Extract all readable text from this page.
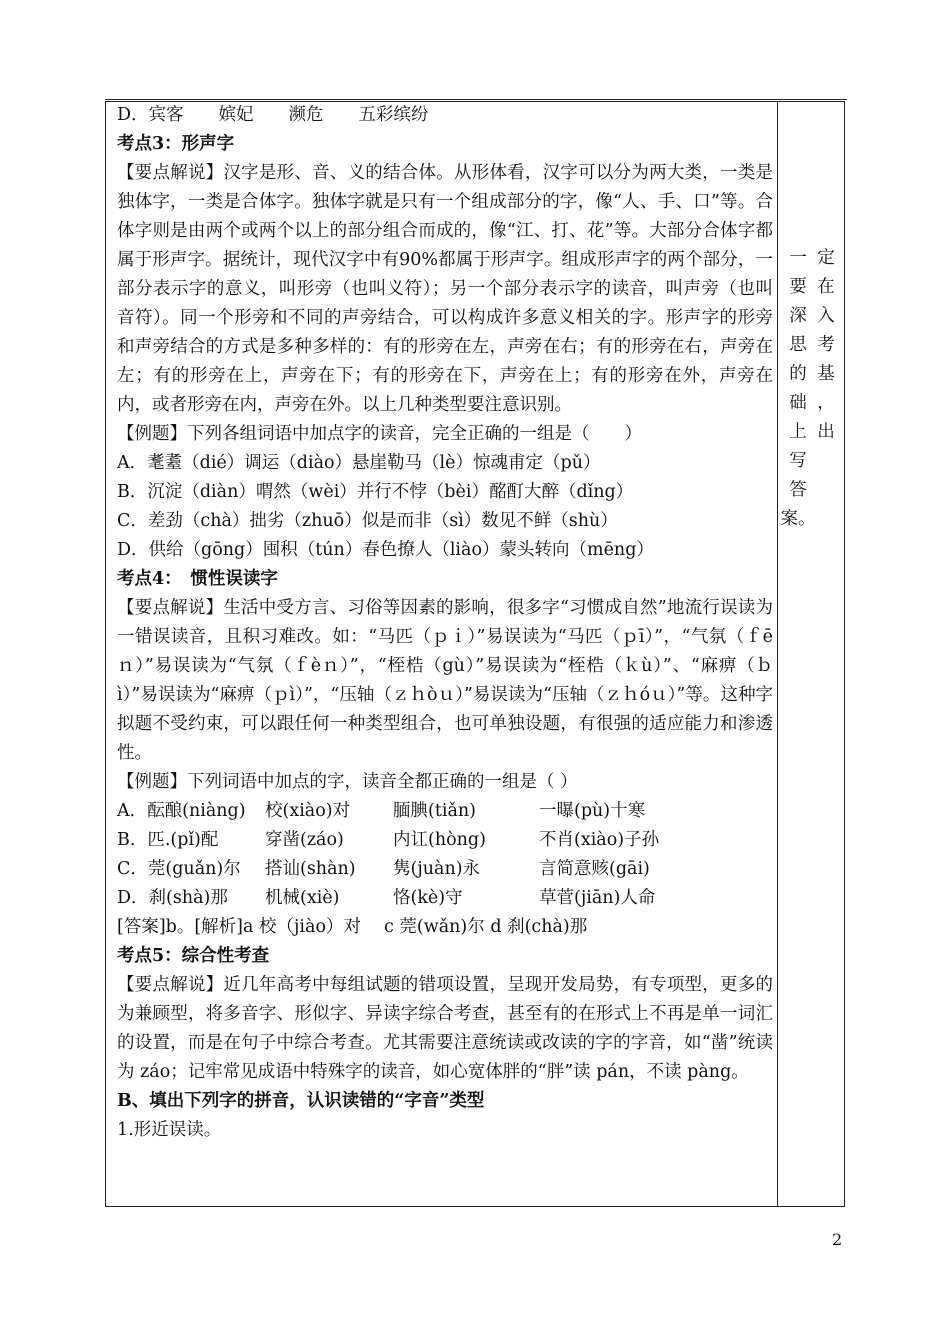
D．宾客　　嫔妃　　濒危　　五彩缤纷

考点3：形声字

【要点解说】汉字是形、音、义的结合体。从形体看，汉字可以分为两大类，一类是独体字，一类是合体字。独体字就是只有一个组成部分的字，像“人、手、口”等。合体字则是由两个或两个以上的部分组合而成的，像“江、打、花”等。大部分合体字都属于形声字。据统计，现代汉字中有90%都属于形声字。组成形声字的两个部分，一部分表示字的意义，叫形旁（也叫义符）；另一个部分表示字的读音，叫声旁（也叫音符）。同一个形旁和不同的声旁结合，可以构成许多意义相关的字。形声字的形旁和声旁结合的方式是多种多样的：有的形旁在左，声旁在右；有的形旁在右，声旁在左；有的形旁在上，声旁在下；有的形旁在下，声旁在上；有的形旁在外，声旁在内，或者形旁在内，声旁在外。以上几种类型要注意识别。

【例题】下列各组词语中加点字的读音，完全正确的一组是（　　）

A．耄耋（dié）调运（diào）悬崖勒马（lè）惊魂甫定（pǔ）

B．沉淀（diàn）喟然（wèi）并行不悖（bèi）酩酊大醉（dǐng）

C．差劲（chà）拙劣（zhuō）似是而非（sì）数见不鲜（shù）

D．供给（gōng）囤积（tún）春色撩人（liào）蒙头转向（mēng）

考点4：　惯性误读字

【要点解说】生活中受方言、习俗等因素的影响，很多字“习惯成自然”地流行误读为一错误读音，且积习难改。如：“马匹（ｐｉ）”易误读为“马匹（ｐī）”，“气氛（ｆēｎ）”易误读为“气氛（ｆèｎ）”，“桎梏（gù）”易误读为“桎梏（ｋù）”、“麻痹（ｂì）”易误读为“麻痹（ｐì）”，“压轴（ｚｈòｕ）”易误读为“压轴（ｚｈóｕ）”等。这种字拟题不受约束，可以跟任何一种类型组合，也可单独设题，有很强的适应能力和渗透性。

【例题】下列词语中加点的字，读音全都正确的一组是（ ）

A．酝酿(niàng)	校(xiào)对	腼腆(tiǎn)	一曝(pù)十寒
B．匹.(pǐ)配	穿凿(záo)	内讧(hòng)	不肖(xiào)子孙
C．莞(guǎn)尔	搭讪(shàn)	隽(juàn)永	言简意赅(gāi)
D．刹(shà)那	机械(xiè)	恪(kè)守	草菅(jiān)人命

[答案]b。[解析]a 校（jiào）对　 c 莞(wǎn)尔 d 刹(chà)那

考点5：综合性考查

【要点解说】近几年高考中每组试题的错项设置，呈现开发局势，有专项型，更多的为兼顾型，将多音字、形似字、异读字综合考查，甚至有的在形式上不再是单一词汇的设置，而是在句子中综合考查。尤其需要注意统读或改读的字的字音，如“凿”统读为 záo；记牢常见成语中特殊字的读音，如心宽体胖的“胖”读 pán，不读 pàng。

B、填出下列字的拼音，认识读错的“字音”类型

1.形近误读。

一
要
深
思
的
础
上
写
答
案。
定
在
入
考
基
，
出
2
